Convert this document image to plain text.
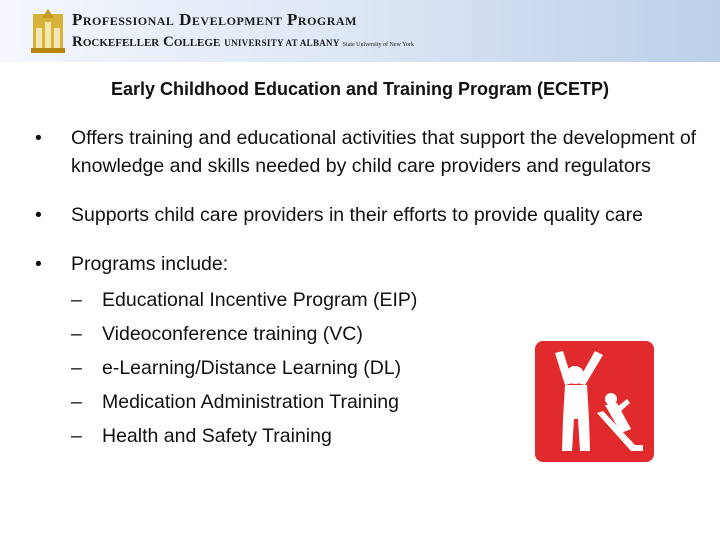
Professional Development Program
Rockefeller College UNIVERSITY AT ALBANY State University of New York
Early Childhood Education and Training Program (ECETP)
• Offers training and educational activities that support the development of knowledge and skills needed by child care providers and regulators
• Supports child care providers in their efforts to provide quality care
• Programs include:
– Educational Incentive Program (EIP)
– Videoconference training (VC)
– e-Learning/Distance Learning (DL)
– Medication Administration Training
– Health and Safety Training
